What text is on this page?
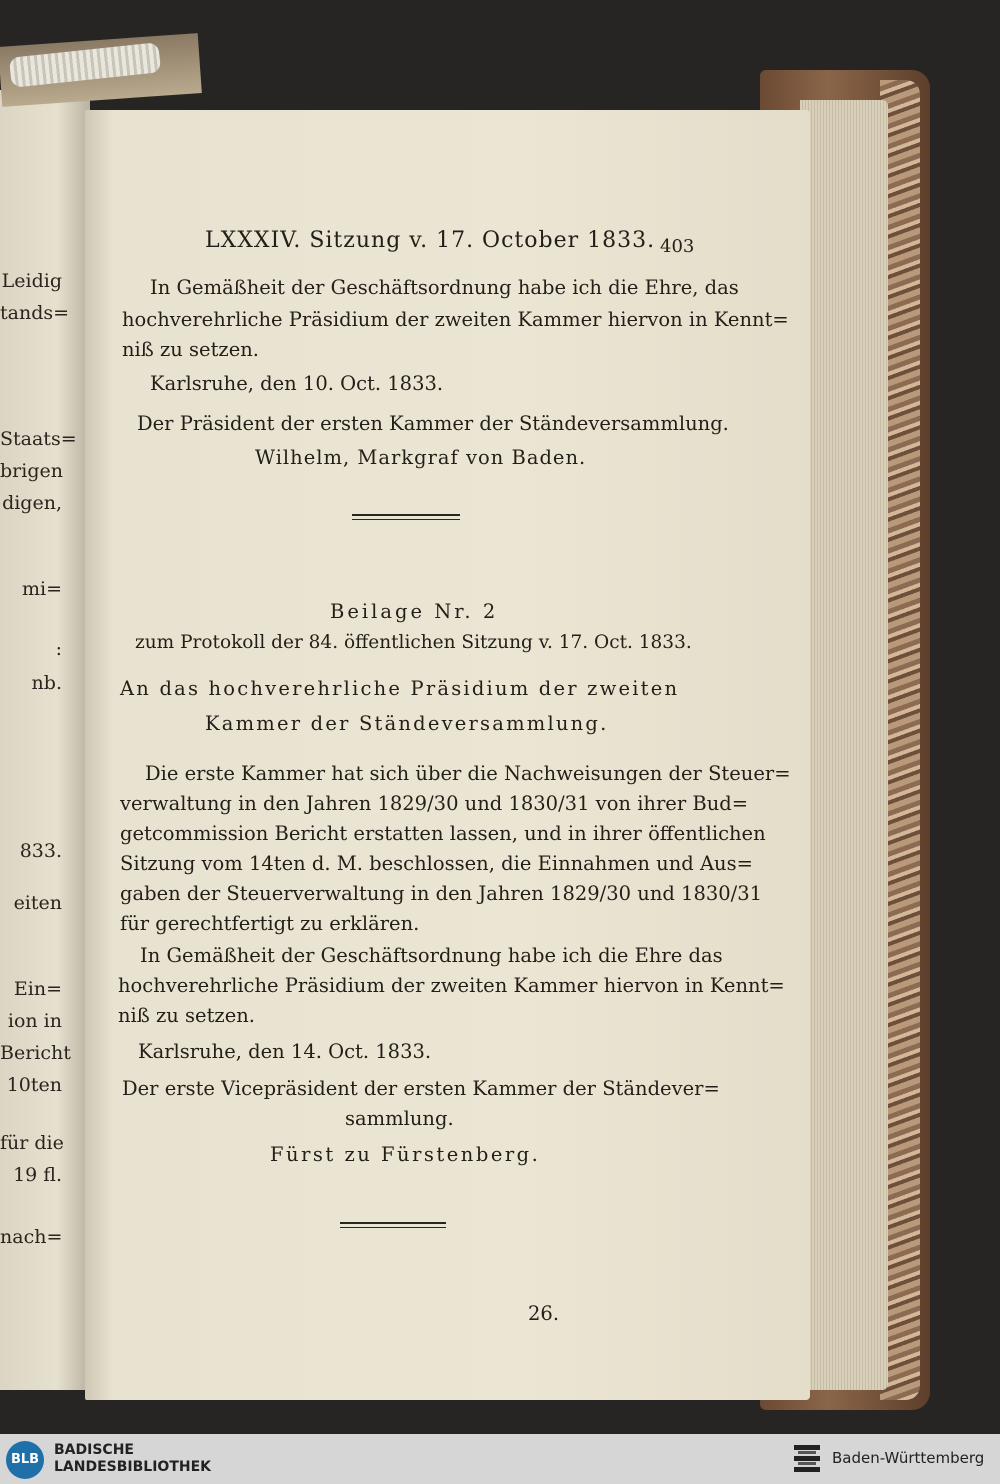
Leidig
tands=
Staats=
brigen
digen,
mi=
:
nb.
833.
eiten
Ein=
ion in
Bericht
10ten
für die
19 fl.
nach=
LXXXIV. Sitzung v. 17. October 1833. 403
In Gemäßheit der Geschäftsordnung habe ich die Ehre, das
hochverehrliche Präsidium der zweiten Kammer hiervon in Kennt=
niß zu setzen.
Karlsruhe, den 10. Oct. 1833.
Der Präsident der ersten Kammer der Ständeversammlung.
Wilhelm, Markgraf von Baden.
Beilage Nr. 2
zum Protokoll der 84. öffentlichen Sitzung v. 17. Oct. 1833.
An das hochverehrliche Präsidium der zweiten
Kammer der Ständeversammlung.
Die erste Kammer hat sich über die Nachweisungen der Steuer=
verwaltung in den Jahren 1829/30 und 1830/31 von ihrer Bud=
getcommission Bericht erstatten lassen, und in ihrer öffentlichen
Sitzung vom 14ten d. M. beschlossen, die Einnahmen und Aus=
gaben der Steuerverwaltung in den Jahren 1829/30 und 1830/31
für gerechtfertigt zu erklären.
In Gemäßheit der Geschäftsordnung habe ich die Ehre das
hochverehrliche Präsidium der zweiten Kammer hiervon in Kennt=
niß zu setzen.
Karlsruhe, den 14. Oct. 1833.
Der erste Vicepräsident der ersten Kammer der Ständever=
sammlung.
Fürst zu Fürstenberg.
26.
BLB
BADISCHE
LANDESBIBLIOTHEK	Baden-Württemberg
